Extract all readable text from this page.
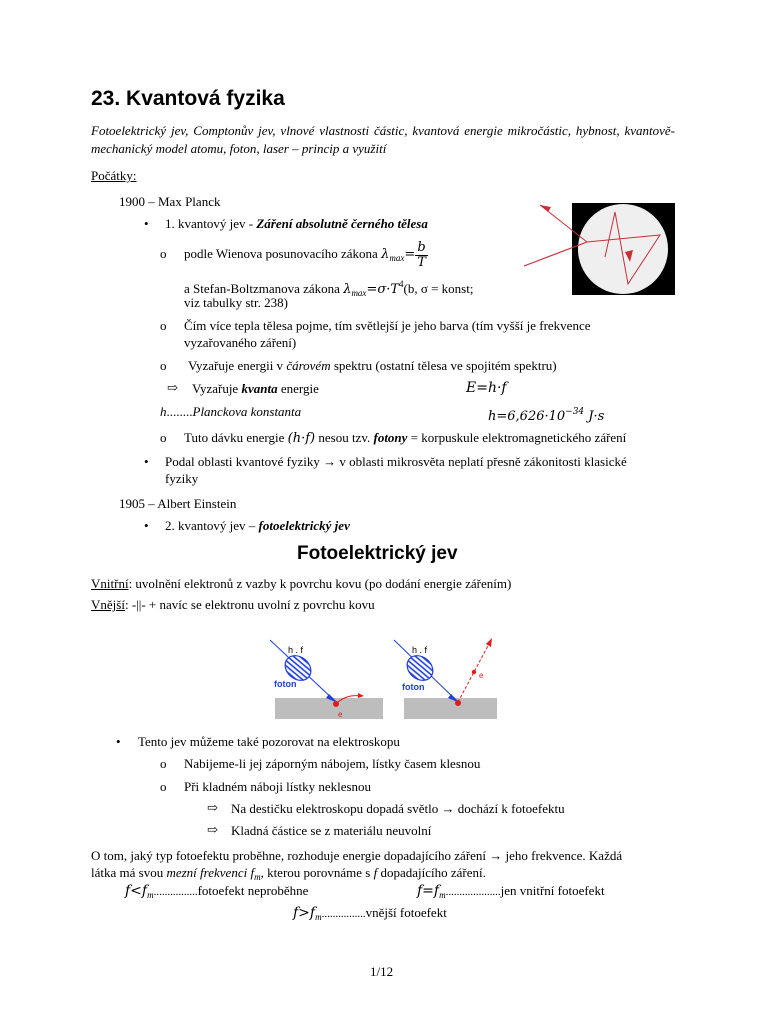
23. Kvantová fyzika
Fotoelektrický jev, Comptonův jev, vlnové vlastnosti částic, kvantová energie mikročástic, hybnost, kvantově-mechanický model atomu, foton, laser – princip a využití
Počátky:
1900 – Max Planck
• 1. kvantový jev - Záření absolutně černého tělesa
o podle Wienova posunovacího zákona $\lambda_{max}= \frac{b}{T}$
a Stefan-Boltzmanova zákona $\lambda_{max}=\sigma\cdot T^4(b$, σ = konst;
viz tabulky str. 238)
o Čím více tepla tělesa pojme, tím světlejší je jeho barva (tím vyšší je frekvence
vyzařovaného záření)
o Vyzařuje energii v čárovém spektru (ostatní tělesa ve spojitém spektru)
⇨ Vyzařuje kvanta energie	E=h·f
h........Planckova konstanta	$h=6,626\cdot 10^{-34}$ J·s
o Tuto dávku energie (h·f) nesou tzv. fotony = korpuskule elektromagnetického záření
• Podal oblasti kvantové fyziky → v oblasti mikrosvěta neplatí přesně zákonitosti klasické
fyziky
1905 – Albert Einstein
• 2. kvantový jev – fotoelektrický jev
Fotoelektrický jev
Vnitřní: uvolnění elektronů z vazby k povrchu kovu (po dodání energie zářením)
Vnější: -||- + navíc se elektronu uvolní z povrchu kovu
h . f
foton
e
h . f
foton
e
• Tento jev můžeme také pozorovat na elektroskopu
o Nabijeme-li jej záporným nábojem, lístky časem klesnou
o Při kladném náboji lístky neklesnou
⇨ Na destičku elektroskopu dopadá světlo → dochází k fotoefektu
⇨ Kladná částice se z materiálu neuvolní
O tom, jaký typ fotoefektu proběhne, rozhoduje energie dopadajícího záření → jeho frekvence. Každá
látka má svou mezní frekvenci $f_m$, kterou porovnáme s f dopadajícího záření.
$f<f_m................fotoefekt$ neproběhne	$f=f_m....................jen$ vnitřní fotoefekt
$f>f_m................vnější$ fotoefekt
1/12
